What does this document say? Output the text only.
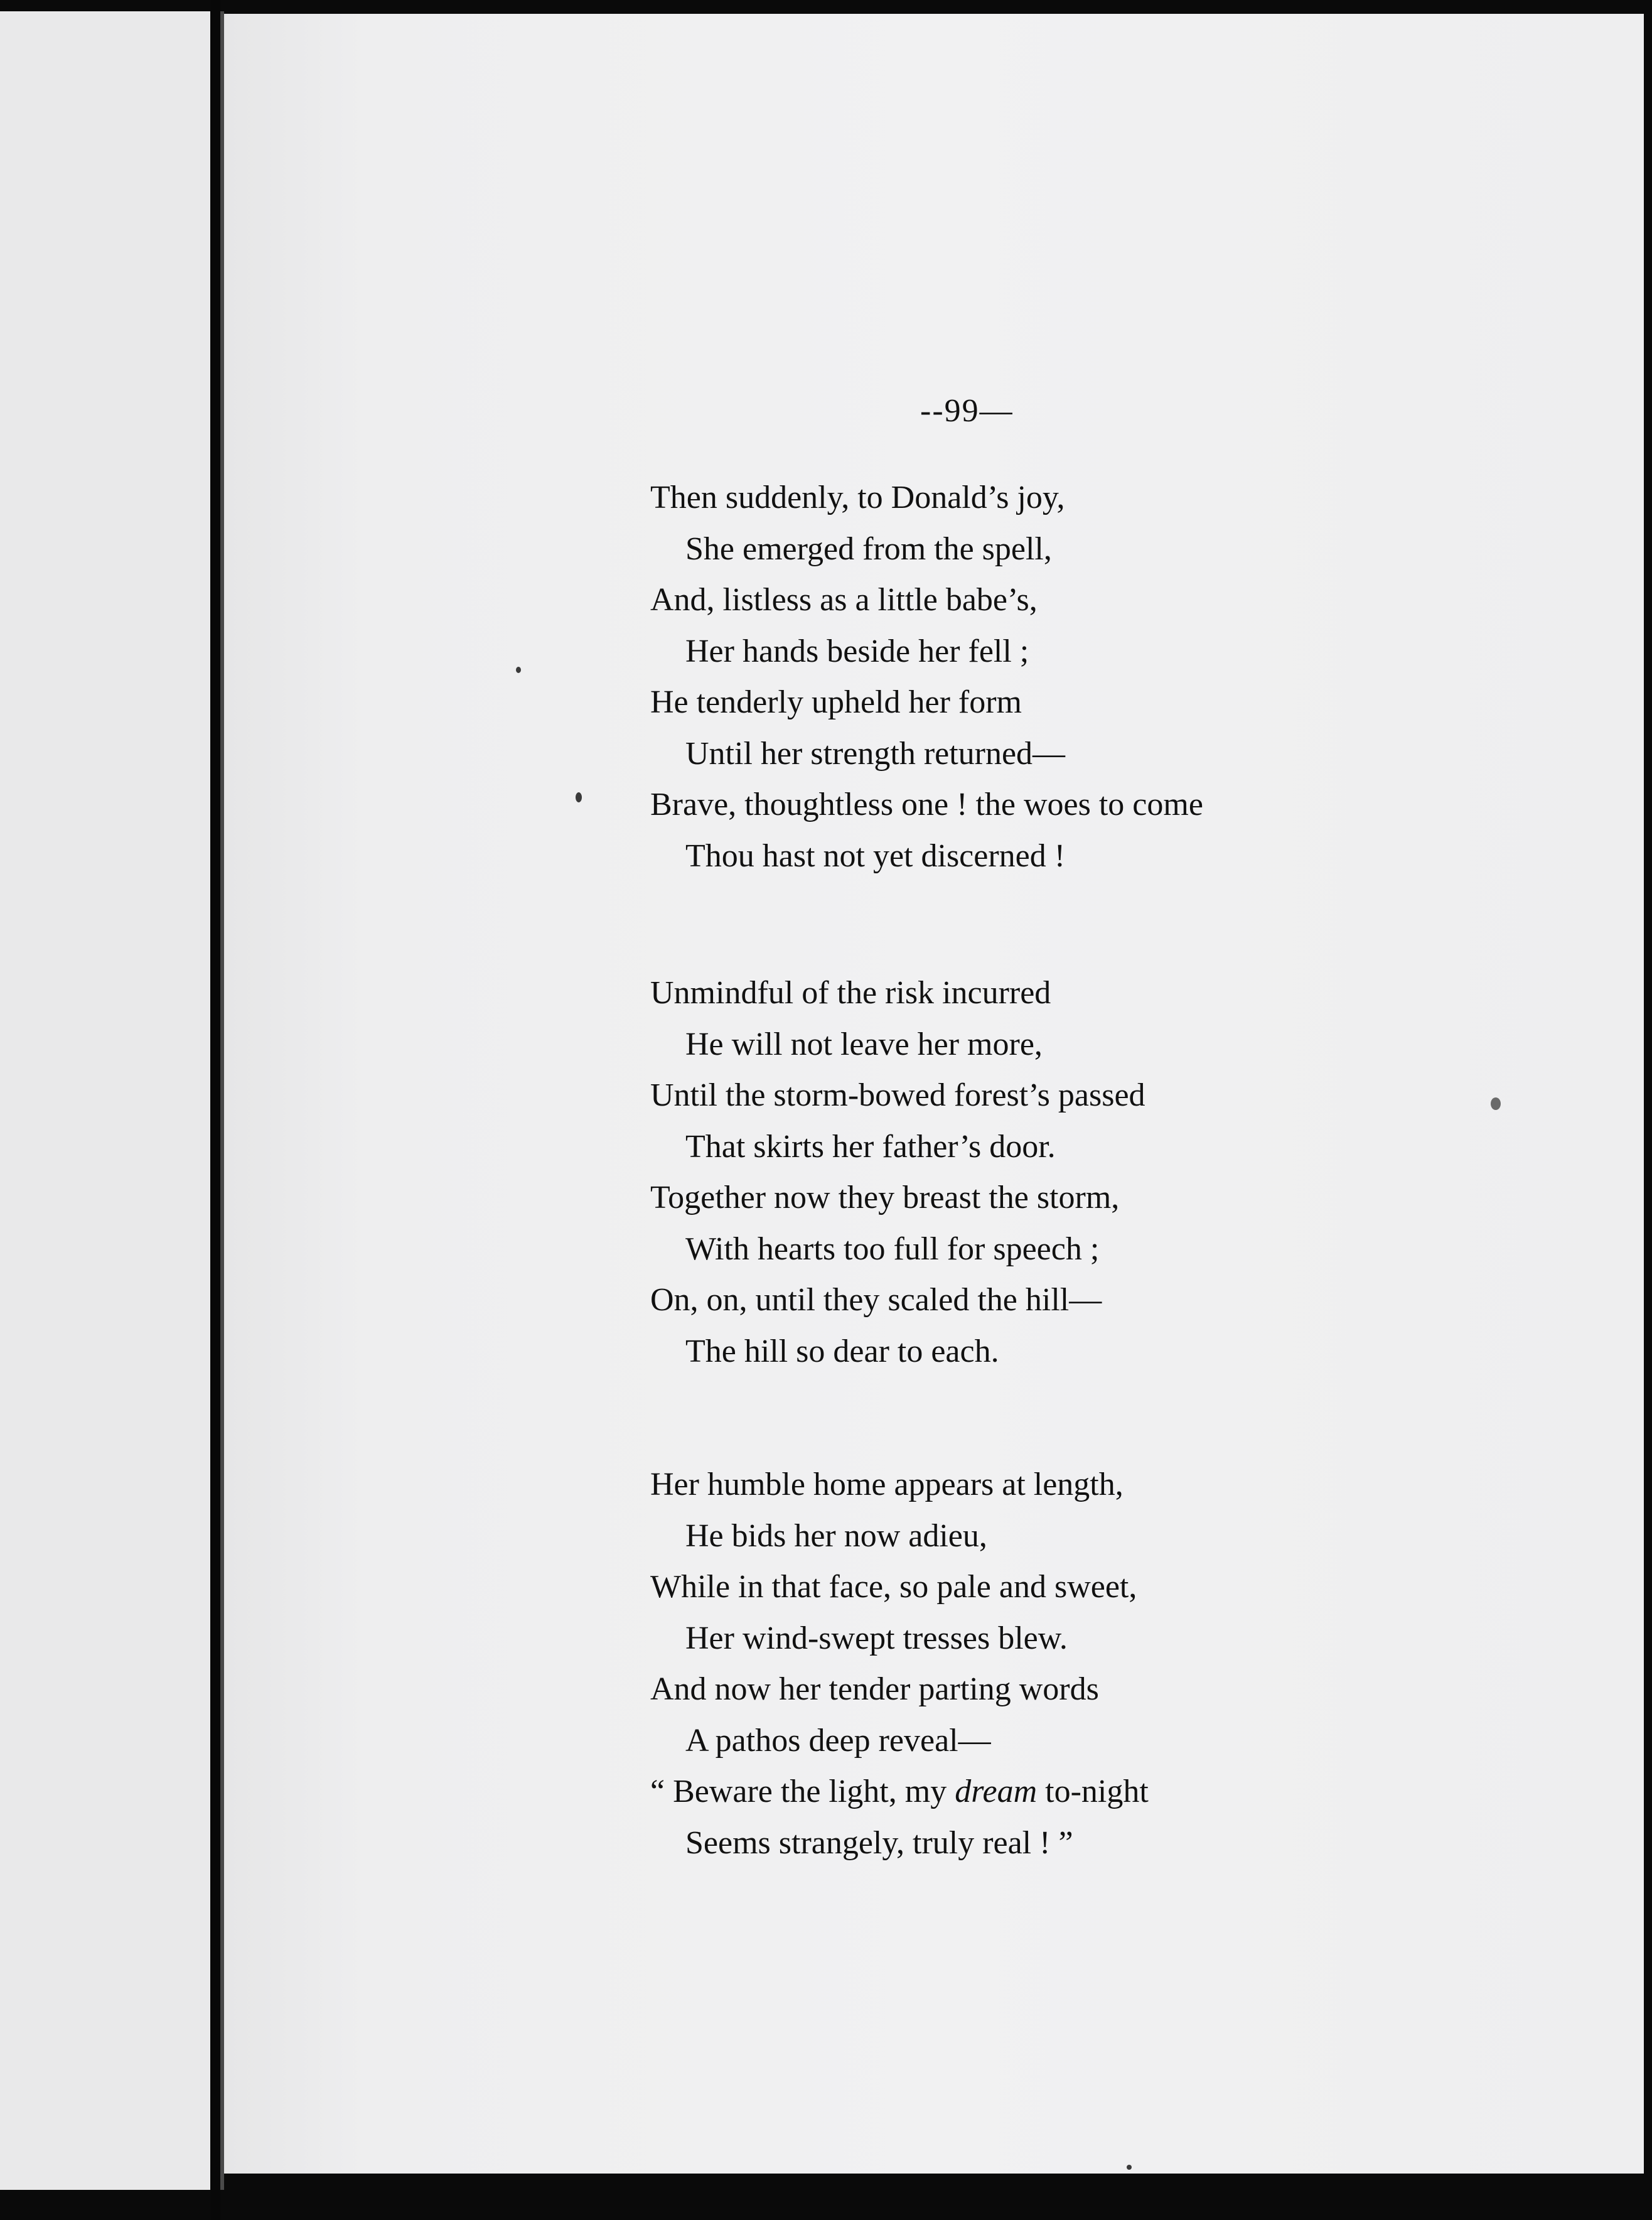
--99—
Then suddenly, to Donald’s joy,
She emerged from the spell,
And, listless as a little babe’s,
Her hands beside her fell ;
He tenderly upheld her form
Until her strength returned—
Brave, thoughtless one ! the woes to come
Thou hast not yet discerned !
Unmindful of the risk incurred
He will not leave her more,
Until the storm-bowed forest’s passed
That skirts her father’s door.
Together now they breast the storm,
With hearts too full for speech ;
On, on, until they scaled the hill—
The hill so dear to each.
Her humble home appears at length,
He bids her now adieu,
While in that face, so pale and sweet,
Her wind-swept tresses blew.
And now her tender parting words
A pathos deep reveal—
“ Beware the light, my dream to-night
Seems strangely, truly real ! ”
